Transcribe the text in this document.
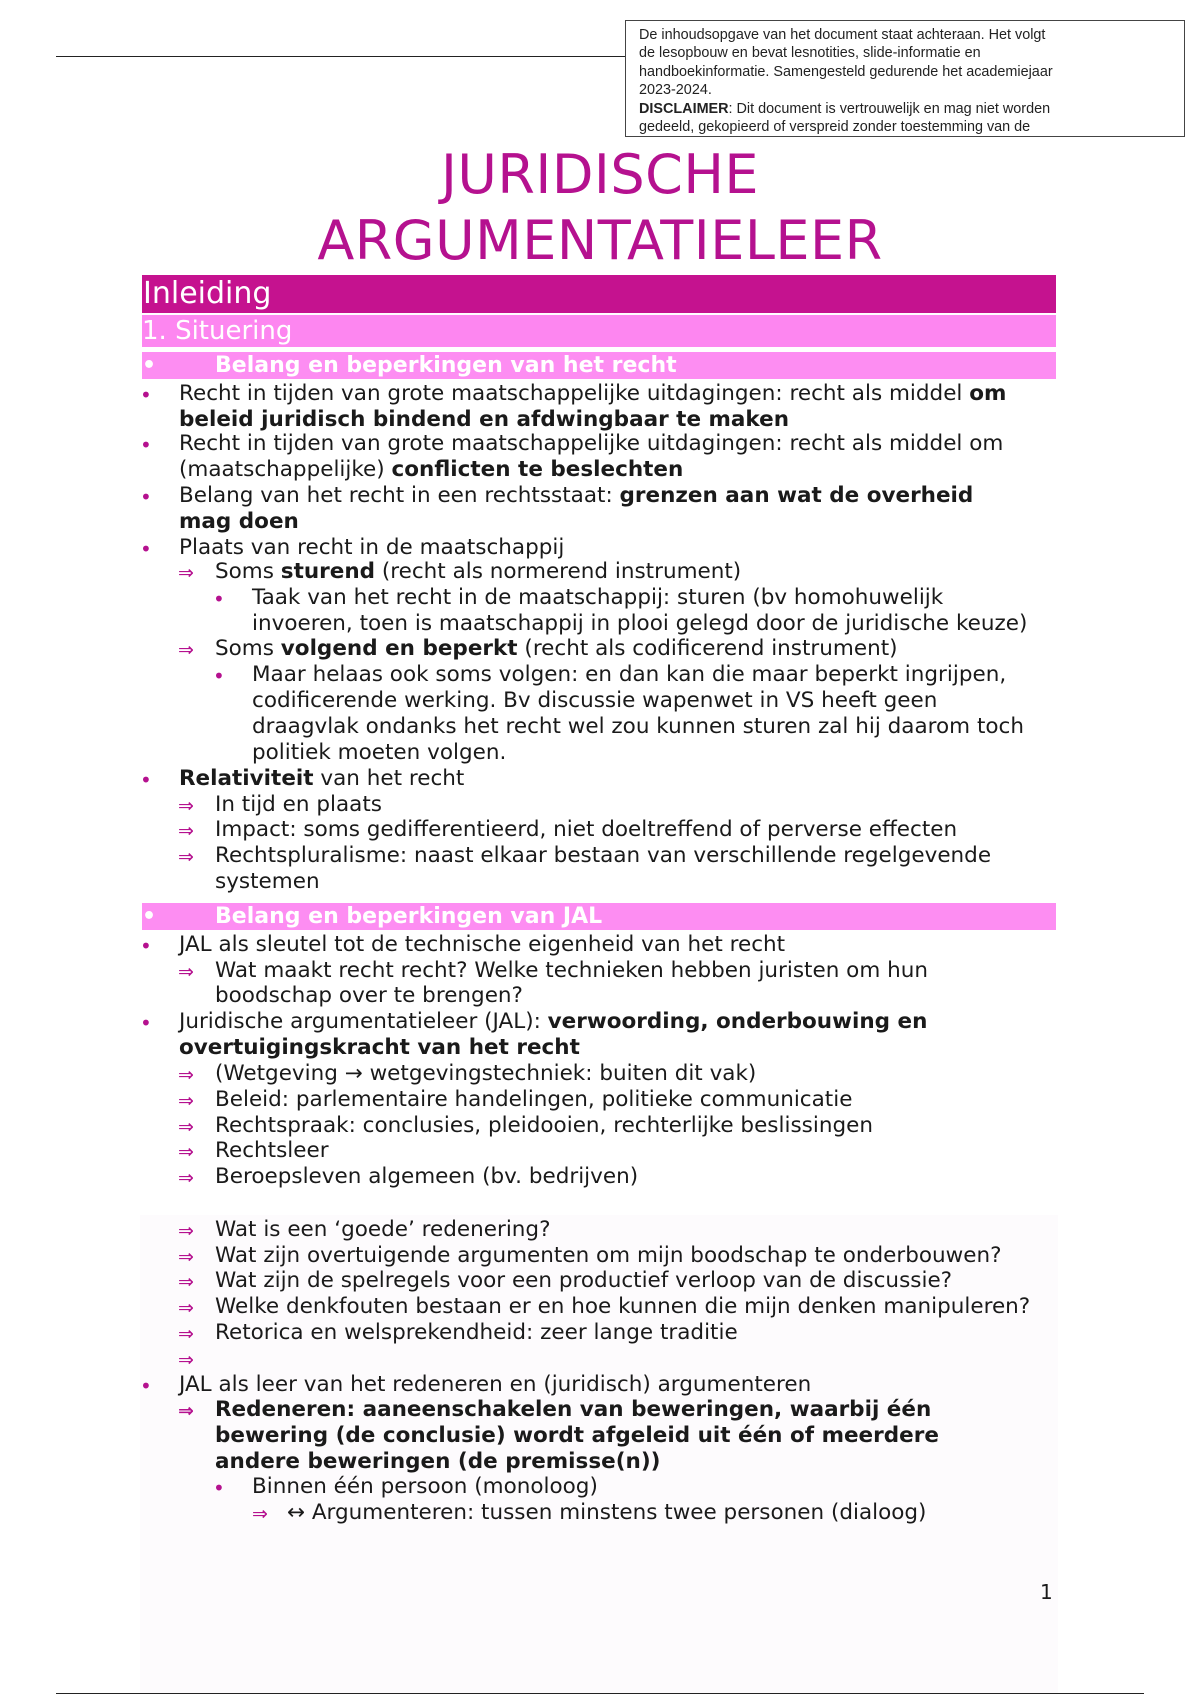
De inhoudsopgave van het document staat achteraan. Het volgt
de lesopbouw en bevat lesnotities, slide-informatie en
handboekinformatie. Samengesteld gedurende het academiejaar
2023-2024.
DISCLAIMER: Dit document is vertrouwelijk en mag niet worden
gedeeld, gekopieerd of verspreid zonder toestemming van de
JURIDISCHE
ARGUMENTATIELEER
Inleiding
1. Situering
•	Belang en beperkingen van het recht
• Recht in tijden van grote maatschappelijke uitdagingen: recht als middel om
beleid juridisch bindend en afdwingbaar te maken
• Recht in tijden van grote maatschappelijke uitdagingen: recht als middel om
(maatschappelijke) conflicten te beslechten
• Belang van het recht in een rechtsstaat: grenzen aan wat de overheid
mag doen
• Plaats van recht in de maatschappij
⇒ Soms sturend (recht als normerend instrument)
• Taak van het recht in de maatschappij: sturen (bv homohuwelijk
invoeren, toen is maatschappij in plooi gelegd door de juridische keuze)
⇒ Soms volgend en beperkt (recht als codificerend instrument)
• Maar helaas ook soms volgen: en dan kan die maar beperkt ingrijpen,
codificerende werking. Bv discussie wapenwet in VS heeft geen
draagvlak ondanks het recht wel zou kunnen sturen zal hij daarom toch
politiek moeten volgen.
• Relativiteit van het recht
⇒ In tijd en plaats
⇒ Impact: soms gedifferentieerd, niet doeltreffend of perverse effecten
⇒ Rechtspluralisme: naast elkaar bestaan van verschillende regelgevende
systemen
•	Belang en beperkingen van JAL
• JAL als sleutel tot de technische eigenheid van het recht
⇒ Wat maakt recht recht? Welke technieken hebben juristen om hun
boodschap over te brengen?
• Juridische argumentatieleer (JAL): verwoording, onderbouwing en
overtuigingskracht van het recht
⇒ (Wetgeving → wetgevingstechniek: buiten dit vak)
⇒ Beleid: parlementaire handelingen, politieke communicatie
⇒ Rechtspraak: conclusies, pleidooien, rechterlijke beslissingen
⇒ Rechtsleer
⇒ Beroepsleven algemeen (bv. bedrijven)
⇒ Wat is een ‘goede’ redenering?
⇒ Wat zijn overtuigende argumenten om mijn boodschap te onderbouwen?
⇒ Wat zijn de spelregels voor een productief verloop van de discussie?
⇒ Welke denkfouten bestaan er en hoe kunnen die mijn denken manipuleren?
⇒ Retorica en welsprekendheid: zeer lange traditie
⇒
• JAL als leer van het redeneren en (juridisch) argumenteren
⇒ Redeneren: aaneenschakelen van beweringen, waarbij één
bewering (de conclusie) wordt afgeleid uit één of meerdere
andere beweringen (de premisse(n))
• Binnen één persoon (monoloog)
⇒ ↔ Argumenteren: tussen minstens twee personen (dialoog)
1
